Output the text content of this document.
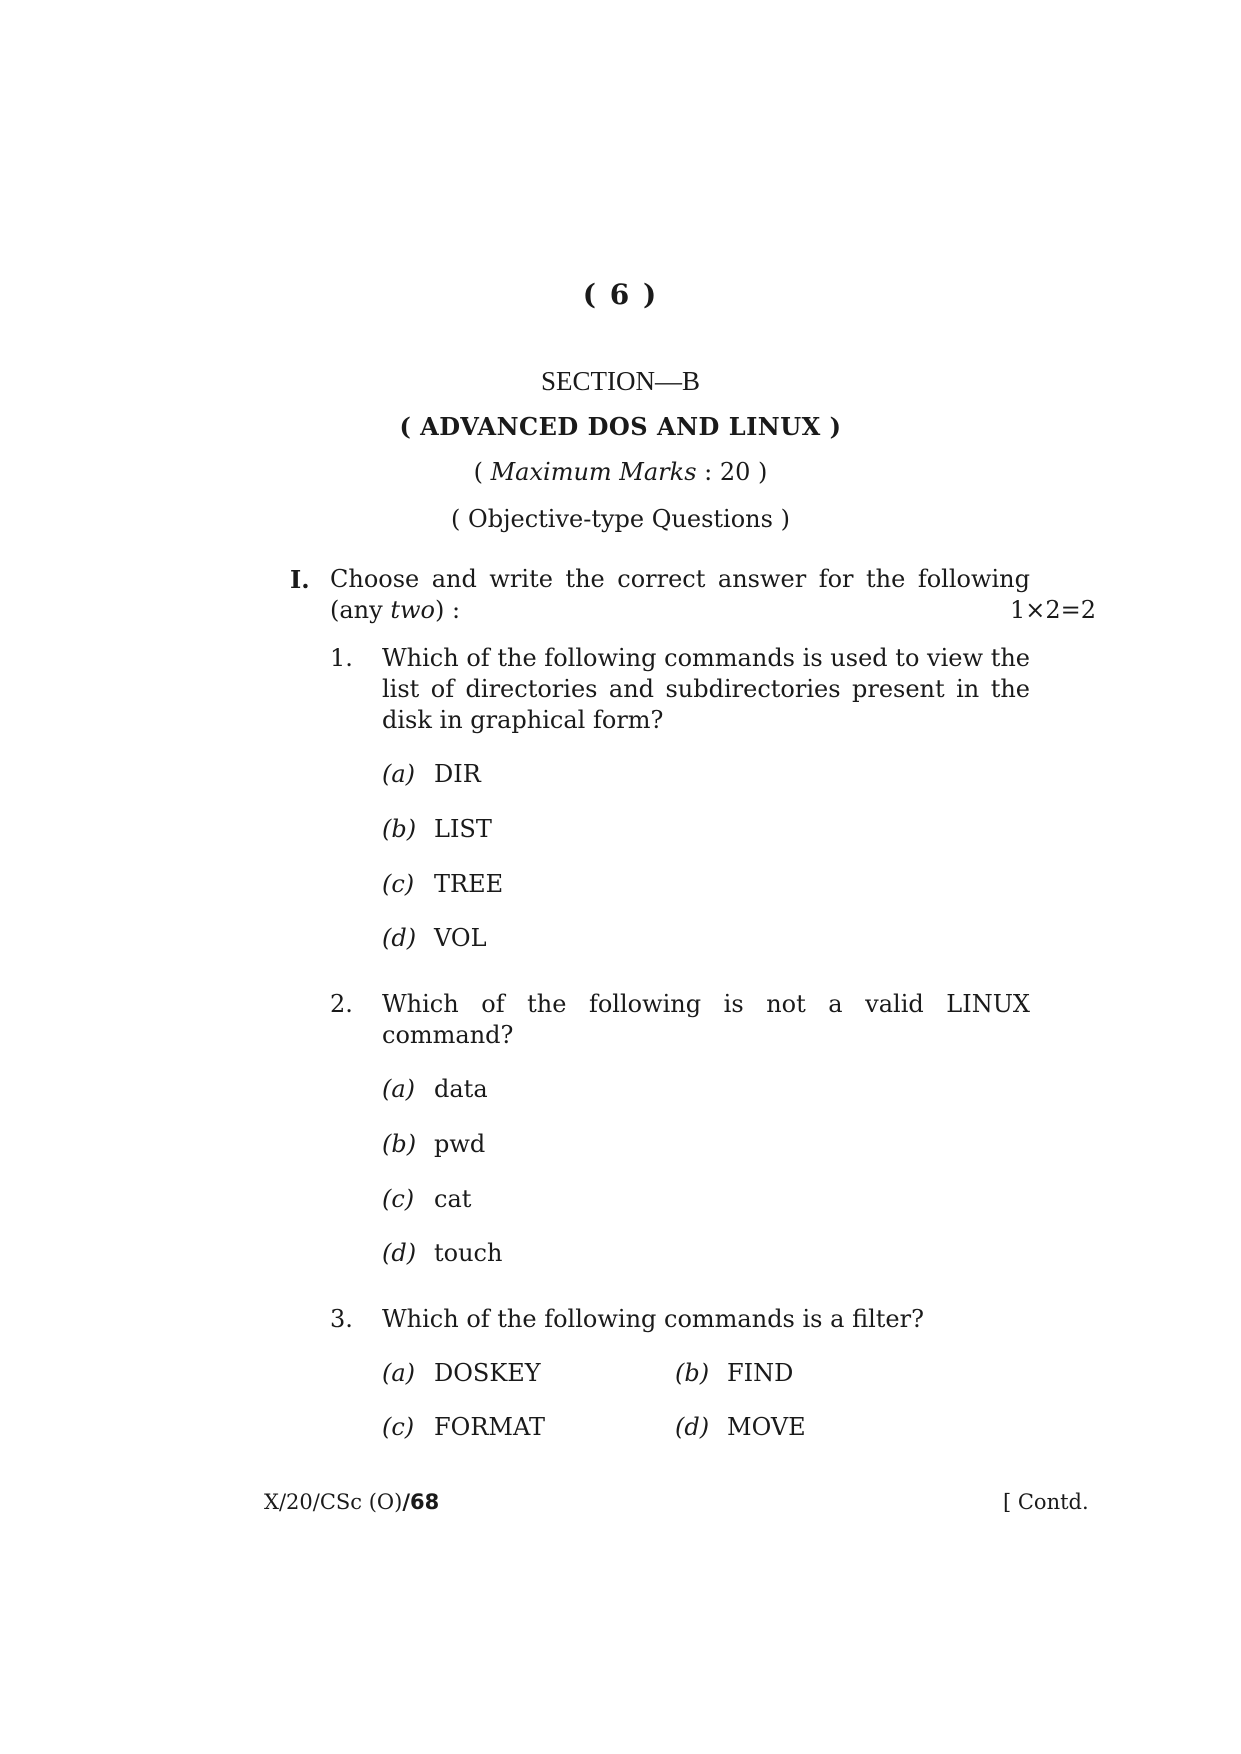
( 6 )
SECTION—B
( ADVANCED DOS AND LINUX )
( Maximum Marks : 20 )
( Objective-type Questions )
I. Choose and write the correct answer for the following
(any two) :	1×2=2
1. Which of the following commands is used to view the
list of directories and subdirectories present in the
disk in graphical form?
(a) DIR
(b) LIST
(c) TREE
(d) VOL
2. Which of the following is not a valid LINUX
command?
(a) data
(b) pwd
(c) cat
(d) touch
3. Which of the following commands is a filter?
(a) DOSKEY	(b) FIND
(c) FORMAT	(d) MOVE
X/20/CSc (O)/68	[ Contd.
